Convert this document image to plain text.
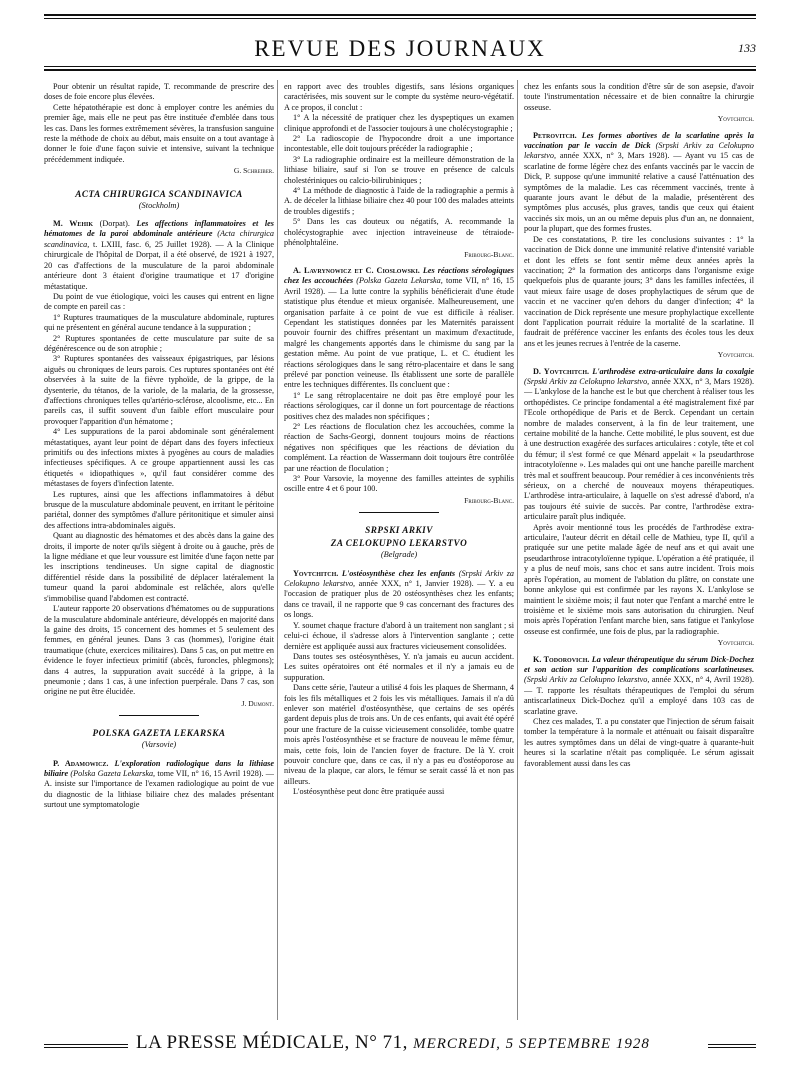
REVUE DES JOURNAUX	133

Pour obtenir un résultat rapide, T. recommande de prescrire des doses de foie encore plus élevées.

Cette hépatothérapie est donc à employer contre les anémies du premier âge, mais elle ne peut pas être instituée d'emblée dans tous les cas. Dans les formes extrêmement sévères, la transfusion sanguine reste la méthode de choix au début, mais ensuite on a tout avantage à donner le foie d'une façon suivie et intensive, suivant la technique précédemment indiquée.

G. Schreiber.

ACTA CHIRURGICA SCANDINAVICA
(Stockholm)

M. Wehik (Dorpat). Les affections inflammatoires et les hématomes de la paroi abdominale antérieure (Acta chirurgica scandinavica, t. LXIII, fasc. 6, 25 Juillet 1928). — A la Clinique chirurgicale de l'hôpital de Dorpat, il a été observé, de 1921 à 1927, 20 cas d'affections de la musculature de la paroi abdominale antérieure dont 3 étaient d'origine traumatique et 17 d'origine métastatique.

Du point de vue étiologique, voici les causes qui entrent en ligne de compte en pareil cas :

1° Ruptures traumatiques de la musculature abdominale, ruptures qui ne présentent en général aucune tendance à la suppuration ;

2° Ruptures spontanées de cette musculature par suite de sa dégénérescence ou de son atrophie ;

3° Ruptures spontanées des vaisseaux épigastriques, par lésions aiguës ou chroniques de leurs parois. Ces ruptures spontanées ont été observées à la suite de la fièvre typhoïde, de la grippe, de la dysenterie, du tétanos, de la variole, de la malaria, de la grossesse, d'affections chroniques telles qu'artério-sclérose, alcoolisme, etc... En pareils cas, il suffit souvent d'un faible effort musculaire pour provoquer l'apparition d'un hématome ;

4° Les suppurations de la paroi abdominale sont généralement métastatiques, ayant leur point de départ dans des foyers infectieux primitifs ou des infections mixtes à pyogènes au cours de maladies infectieuses spécifiques. A ce groupe appartiennent aussi les cas étiquetés « idiopathiques », qu'il faut considérer comme des métastases de foyers d'infection latente.

Les ruptures, ainsi que les affections inflammatoires à début brusque de la musculature abdominale peuvent, en irritant le péritoine pariétal, donner des symptômes d'allure péritonitique et simuler ainsi des affections intra-abdominales aiguës.

Quant au diagnostic des hématomes et des abcès dans la gaine des droits, il importe de noter qu'ils siègent à droite ou à gauche, près de la ligne médiane et que leur voussure est limitée d'une façon nette par les inscriptions tendineuses. Un signe capital de diagnostic différentiel réside dans la possibilité de déplacer latéralement la tumeur quand la paroi abdominale est relâchée, alors qu'elle s'immobilise quand l'abdomen est contracté.

L'auteur rapporte 20 observations d'hématomes ou de suppurations de la musculature abdominale antérieure, développés en majorité dans la gaine des droits, 15 concernent des hommes et 5 seulement des femmes, en général jeunes. Dans 3 cas (hommes), l'origine était traumatique (chute, exercices militaires). Dans 5 cas, on put mettre en évidence le foyer infectieux primitif (abcès, furoncles, phlegmons); dans 4 autres, la suppuration avait succédé à la grippe, à la pneumonie ; dans 1 cas, à une infection puerpérale. Dans 7 cas, son origine ne put être élucidée.

J. Dumont.

POLSKA GAZETA LEKARSKA
(Varsovie)

P. Adamowicz. L'exploration radiologique dans la lithiase biliaire (Polska Gazeta Lekarska, tome VII, n° 16, 15 Avril 1928). — A. insiste sur l'importance de l'examen radiologique au point de vue du diagnostic de la lithiase biliaire chez des malades présentant surtout une symptomatologie

en rapport avec des troubles digestifs, sans lésions organiques caractérisées, mis souvent sur le compte du système neuro-végétatif. A ce propos, il conclut :

1° A la nécessité de pratiquer chez les dyspeptiques un examen clinique approfondi et de l'associer toujours à une cholécystographie ;

2° La radioscopie de l'hypocondre droit a une importance incontestable, elle doit toujours précéder la radiographie ;

3° La radiographie ordinaire est la meilleure démonstration de la lithiase biliaire, sauf si l'on se trouve en présence de calculs cholestériniques ou calcio-bilirubiniques ;

4° La méthode de diagnostic à l'aide de la radiographie a permis à A. de déceler la lithiase biliaire chez 40 pour 100 des malades atteints de troubles digestifs ;

5° Dans les cas douteux ou négatifs, A. recommande la cholécystographie avec injection intraveineuse de tétraiode-phénolphtaléine.

Fribourg-Blanc.

A. Lavrynowicz et C. Cioslowski. Les réactions sérologiques chez les accouchées (Polska Gazeta Lekarska, tome VII, n° 16, 15 Avril 1928). — La lutte contre la syphilis bénéficierait d'une étude statistique plus étendue et mieux organisée. Malheureusement, une organisation parfaite à ce point de vue est difficile à réaliser. Cependant les statistiques données par les Maternités paraissent pouvoir fournir des chiffres présentant un maximum d'exactitude, malgré les changements apportés dans le chimisme du sang par la gestation même. Au point de vue pratique, L. et C. étudient les réactions sérologiques dans le sang rétro-placentaire et dans le sang prélevé par ponction veineuse. Ils établissent une sorte de parallèle entre les techniques différentes. Ils concluent que :

1° Le sang rétroplacentaire ne doit pas être employé pour les réactions sérologiques, car il donne un fort pourcentage de réactions positives chez des malades non spécifiques ;

2° Les réactions de floculation chez les accouchées, comme la réaction de Sachs-Georgi, donnent toujours moins de réactions négatives non spécifiques que les réactions de déviation du complément. La réaction de Wassermann doit toujours être contrôlée par une réaction de floculation ;

3° Pour Varsovie, la moyenne des familles atteintes de syphilis oscille entre 4 et 6 pour 100.

Fribourg-Blanc.

SRPSKI ARKIV
ZA CELOKUPNO LEKARSTVO
(Belgrade)

Yovtchitch. L'ostéosynthèse chez les enfants (Srpski Arkiv za Celokupno lekarstvo, année XXX, n° 1, Janvier 1928). — Y. a eu l'occasion de pratiquer plus de 20 ostéosynthèses chez les enfants; dans ce travail, il ne rapporte que 9 cas concernant des fractures des os longs.

Y. soumet chaque fracture d'abord à un traitement non sanglant ; si celui-ci échoue, il s'adresse alors à l'intervention sanglante ; cette dernière est appliquée aussi aux fractures vicieusement consolidées.

Dans toutes ses ostéosynthèses, Y. n'a jamais eu aucun accident. Les suites opératoires ont été normales et il n'y a jamais eu de suppuration.

Dans cette série, l'auteur a utilisé 4 fois les plaques de Shermann, 4 fois les fils métalliques et 2 fois les vis métalliques. Jamais il n'a dû enlever son matériel d'ostéosynthèse, que certains de ses opérés gardent depuis plus de trois ans. Un de ces enfants, qui avait été opéré pour une fracture de la cuisse vicieusement consolidée, tombe quatre mois après l'ostéosynthèse et se fracture de nouveau le même fémur, mais, cette fois, loin de l'ancien foyer de fracture. De là Y. croit pouvoir conclure que, dans ce cas, il n'y a pas eu d'ostéoporose au niveau de la plaque, car alors, le fémur se serait cassé là et non pas ailleurs.

L'ostéosynthèse peut donc être pratiquée aussi

chez les enfants sous la condition d'être sûr de son asepsie, d'avoir toute l'instrumentation nécessaire et de bien connaître la chirurgie osseuse.

Yovtchitch.

Petrovitch. Les formes abortives de la scarlatine après la vaccination par le vaccin de Dick (Srpski Arkiv za Celokupno lekarstvo, année XXX, n° 3, Mars 1928). — Ayant vu 15 cas de scarlatine de forme légère chez des enfants vaccinés par le vaccin de Dick, P. suppose qu'une immunité relative a causé l'atténuation des symptômes de la maladie. Les cas récemment vaccinés, trente à quarante jours avant le début de la maladie, présentèrent des symptômes plus accusés, plus graves, tandis que ceux qui étaient vaccinés six mois, un an ou même depuis plus d'un an, ne donnaient, pour la plupart, que des formes frustes.

De ces constatations, P. tire les conclusions suivantes : 1° la vaccination de Dick donne une immunité relative d'intensité variable et dont les effets se font sentir même deux années après la vaccination; 2° la formation des anticorps dans l'organisme exige quelquefois plus de quarante jours; 3° dans les familles infectées, il vaut mieux faire usage de doses prophylactiques de sérum que de vaccin et ne vacciner qu'en dehors du danger d'infection; 4° la vaccination de Dick représente une mesure prophylactique excellente dont l'application pourrait réduire la mortalité de la scarlatine. Il faudrait de préférence vacciner les enfants des écoles tous les deux ans et les jeunes recrues à l'entrée de la caserne.

Yovtchitch.

D. Yovtchitch. L'arthrodèse extra-articulaire dans la coxalgie (Srpski Arkiv za Celokupno lekarstvo, année XXX, n° 3, Mars 1928). — L'ankylose de la hanche est le but que cherchent à réaliser tous les orthopédistes. Ce principe fondamental a été magistralement fixé par l'Ecole orthopédique de Paris et de Berck. Cependant un certain nombre de malades conservent, à la fin de leur traitement, une certaine mobilité de la hanche. Cette mobilité, le plus souvent, est due à une destruction exagérée des surfaces articulaires : cotyle, tête et col du fémur; il s'est formé ce que Ménard appelait « la pseudarthrose intracotyloïenne ». Les malades qui ont une hanche pareille marchent très mal et souffrent beaucoup. Pour remédier à ces inconvénients très sérieux, on a cherché de nouveaux moyens thérapeutiques. L'arthrodèse intra-articulaire, à laquelle on s'est adressé d'abord, n'a pas toujours été suivie de succès. Par contre, l'arthrodèse extra-articulaire paraît plus indiquée.

Après avoir mentionné tous les procédés de l'arthrodèse extra-articulaire, l'auteur décrit en détail celle de Mathieu, type II, qu'il a pratiquée sur une petite malade âgée de neuf ans et qui avait une pseudarthrose intracotyloïenne typique. L'opération a été pratiquée, il y a plus de neuf mois, sans choc et sans autre incident. Trois mois après l'opération, au moment de l'ablation du plâtre, on constate une bonne ankylose qui est confirmée par les rayons X. L'ankylose se maintient le sixième mois; il faut noter que l'enfant a marché entre le troisième et le sixième mois sans autorisation du chirurgien. Neuf mois après l'opération l'enfant marche bien, sans fatigue et l'ankylose osseuse est confirmée, une fois de plus, par la radiographie.

Yovtchitch.

K. Todorovich. La valeur thérapeutique du sérum Dick-Dochez et son action sur l'apparition des complications scarlatineuses. (Srpski Arkiv za Celokupno lekarstvo, année XXX, n° 4, Avril 1928). — T. rapporte les résultats thérapeutiques de l'emploi du sérum antiscarlatineux Dick-Dochez qu'il a employé dans 103 cas de scarlatine grave.

Chez ces malades, T. a pu constater que l'injection de sérum faisait tomber la température à la normale et atténuait ou faisait disparaître les autres symptômes dans un délai de vingt-quatre à quarante-huit heures si la scarlatine n'était pas compliquée. Le sérum agissait favorablement aussi dans les cas

LA PRESSE MÉDICALE, N° 71, MERCREDI, 5 SEPTEMBRE 1928
